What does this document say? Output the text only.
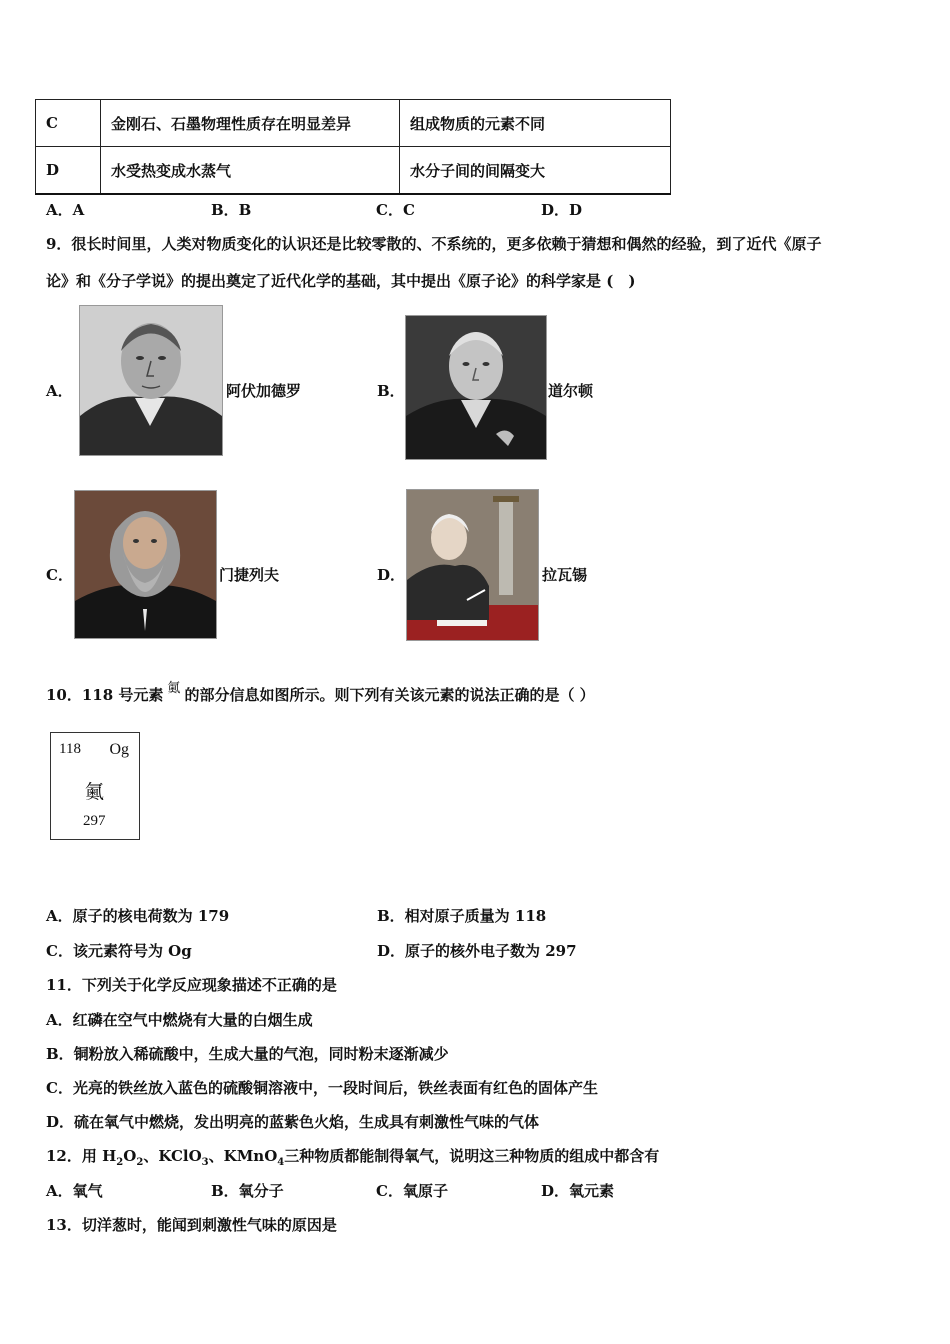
C	金刚石、石墨物理性质存在明显差异	组成物质的元素不同
D	水受热变成水蒸气	水分子间的间隔变大
A．A	B．B	C．C	D．D
9．很长时间里，人类对物质变化的认识还是比较零散的、不系统的，更多依赖于猜想和偶然的经验，到了近代《原子
论》和《分子学说》的提出奠定了近代化学的基础，其中提出《原子论》的科学家是 (　)
A．	阿伏加德罗	B．	道尔顿
C．	门捷列夫	D．	拉瓦锡
10．118 号元素 鿫 的部分信息如图所示。则下列有关该元素的说法正确的是（ ）
118 Og
鿫
297
A．原子的核电荷数为 179	B．相对原子质量为 118
C．该元素符号为 Og	D．原子的核外电子数为 297
11．下列关于化学反应现象描述不正确的是
A．红磷在空气中燃烧有大量的白烟生成
B．铜粉放入稀硫酸中，生成大量的气泡，同时粉末逐渐减少
C．光亮的铁丝放入蓝色的硫酸铜溶液中，一段时间后，铁丝表面有红色的固体产生
D．硫在氧气中燃烧，发出明亮的蓝紫色火焰，生成具有刺激性气味的气体
12．用 $H_2O_2$、KClO$_3$、KMnO$_4$三种物质都能制得氧气，说明这三种物质的组成中都含有
A．氧气	B．氧分子	C．氧原子	D．氧元素
13．切洋葱时，能闻到刺激性气味的原因是
